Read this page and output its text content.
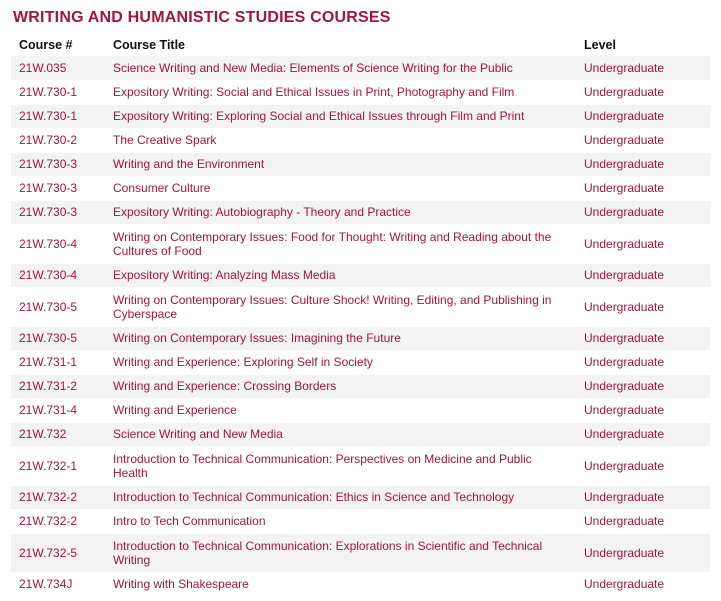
WRITING AND HUMANISTIC STUDIES COURSES
Course #	Course Title	Level
21W.035	Science Writing and New Media: Elements of Science Writing for the Public	Undergraduate
21W.730-1	Expository Writing: Social and Ethical Issues in Print, Photography and Film	Undergraduate
21W.730-1	Expository Writing: Exploring Social and Ethical Issues through Film and Print	Undergraduate
21W.730-2	The Creative Spark	Undergraduate
21W.730-3	Writing and the Environment	Undergraduate
21W.730-3	Consumer Culture	Undergraduate
21W.730-3	Expository Writing: Autobiography - Theory and Practice	Undergraduate
21W.730-4	Writing on Contemporary Issues: Food for Thought: Writing and Reading about the Cultures of Food	Undergraduate
21W.730-4	Expository Writing: Analyzing Mass Media	Undergraduate
21W.730-5	Writing on Contemporary Issues: Culture Shock! Writing, Editing, and Publishing in Cyberspace	Undergraduate
21W.730-5	Writing on Contemporary Issues: Imagining the Future	Undergraduate
21W.731-1	Writing and Experience: Exploring Self in Society	Undergraduate
21W.731-2	Writing and Experience: Crossing Borders	Undergraduate
21W.731-4	Writing and Experience	Undergraduate
21W.732	Science Writing and New Media	Undergraduate
21W.732-1	Introduction to Technical Communication: Perspectives on Medicine and Public Health	Undergraduate
21W.732-2	Introduction to Technical Communication: Ethics in Science and Technology	Undergraduate
21W.732-2	Intro to Tech Communication	Undergraduate
21W.732-5	Introduction to Technical Communication: Explorations in Scientific and Technical Writing	Undergraduate
21W.734J	Writing with Shakespeare	Undergraduate
